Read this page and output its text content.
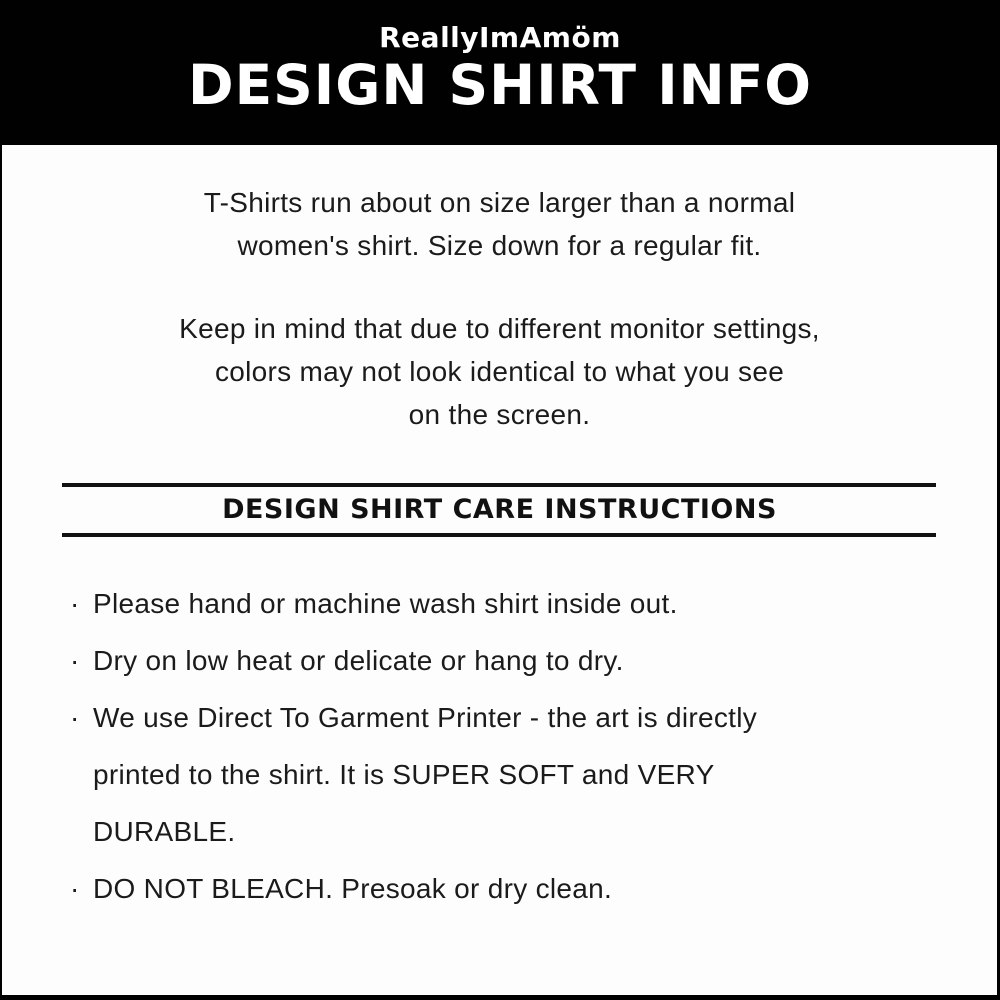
ReallyImAmöm
DESIGN SHIRT INFO
T-Shirts run about on size larger than a normal
women's shirt. Size down for a regular fit.
Keep in mind that due to different monitor settings,
colors may not look identical to what you see
on the screen.
DESIGN SHIRT CARE INSTRUCTIONS
· Please hand or machine wash shirt inside out.
· Dry on low heat or delicate or hang to dry.
· We use Direct To Garment Printer - the art is directly
printed to the shirt. It is SUPER SOFT and VERY
DURABLE.
· DO NOT BLEACH. Presoak or dry clean.
